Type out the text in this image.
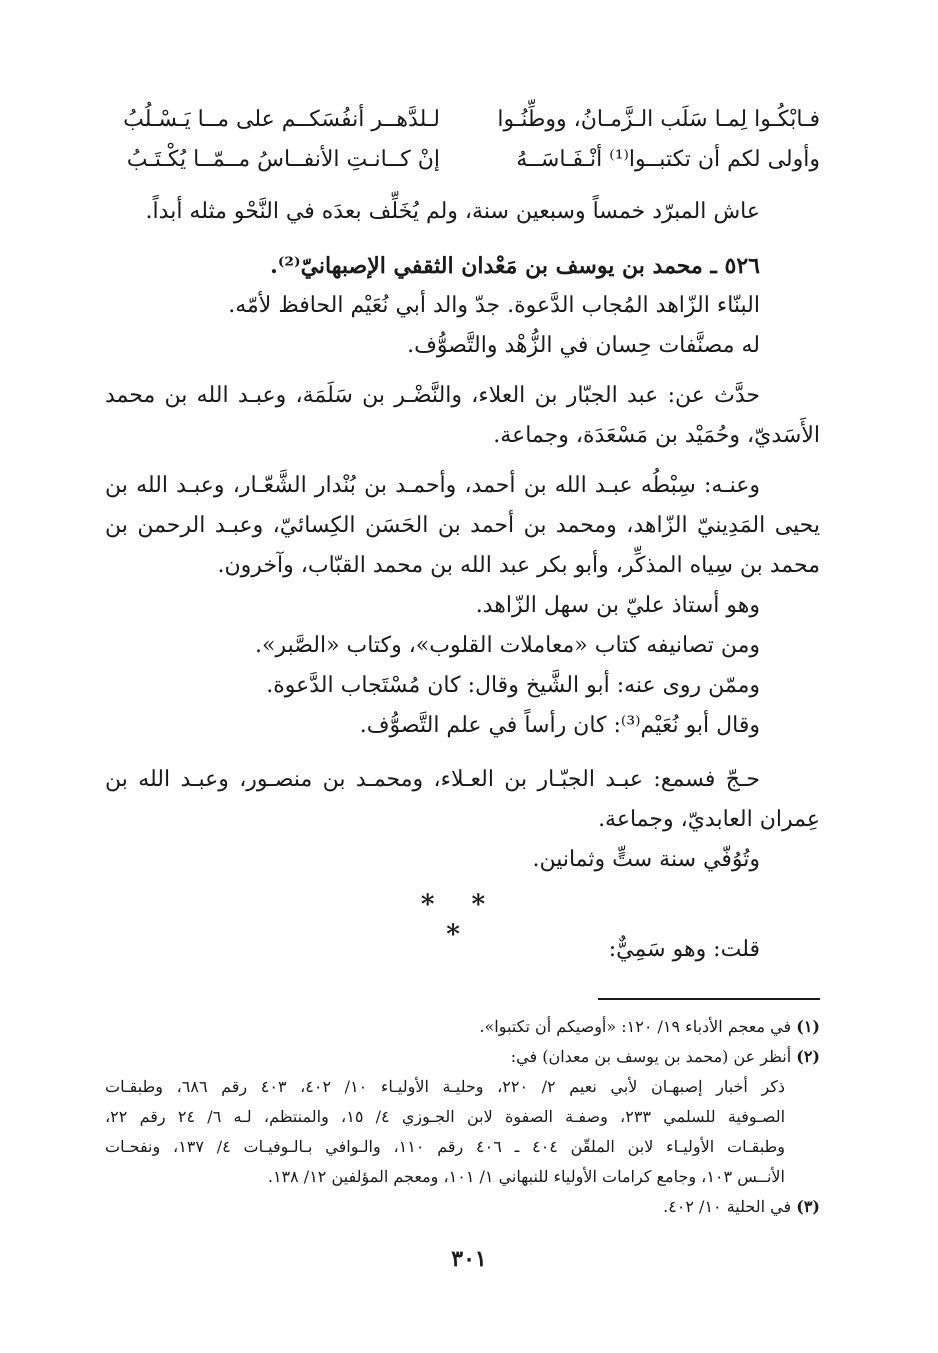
فـابْكُـوا لِمـا سَلَب الـزَّمـانُ، ووطِّنُـوا
لـلدَّهــر أنفُسَكــم على مــا يَـسْـلُبُ
وأولى لكم أن تكتبــوا⁽¹⁾ أنْـفَـاسَــهُ
إنْ كــانـتِ الأنفــاسُ مــمّــا يُكْـتَـبُ
عاش المبرّد خمساً وسبعين سنة، ولم يُخَلِّف بعدَه في النَّحْو مثله أبداً.
٥٢٦ ـ محمد بن يوسف بن مَعْدان الثقفي الإصبهانيّ⁽²⁾.
البنّاء الزّاهد المُجاب الدَّعوة. جدّ والد أبي نُعَيْم الحافظ لأمّه.
له مصنَّفات حِسان في الزُّهْد والتَّصوُّف.
حدَّث عن: عبد الجبّار بن العلاء، والنَّضْـر بن سَلَمَة، وعبـد الله بن محمد
الأَسَديّ، وحُمَيْد بن مَسْعَدَة، وجماعة.
وعنـه: سِبْطُه عبـد الله بن أحمد، وأحمـد بن بُنْدار الشَّعّـار، وعبـد الله بن
يحيى المَدِينيّ الزّاهد، ومحمد بن أحمد بن الحَسَن الكِسائيّ، وعبـد الرحمن بن
محمد بن سِياه المذكِّر، وأبو بكر عبد الله بن محمد القبّاب، وآخرون.
وهو أستاذ عليّ بن سهل الزّاهد.
ومن تصانيفه كتاب «معاملات القلوب»، وكتاب «الصَّبر».
وممّن روى عنه: أبو الشَّيخ وقال: كان مُسْتَجاب الدَّعوة.
وقال أبو نُعَيْم⁽³⁾: كان رأساً في علم التَّصوُّف.
حـجّ فسمع: عبـد الجبّـار بن العـلاء، ومحمـد بن منصـور، وعبـد الله بن
عِمران العابديّ، وجماعة.
وتُوُفّي سنة ستٍّ وثمانين.
* * *	قلت: وهو سَمِيٌّ:
(١) في معجم الأدباء ١٩/ ١٢٠: «أوصيكم أن تكتبوا».
(٢) أنظر عن (محمد بن يوسف بن معدان) في:
ذكر أخبار إصبهـان لأبي نعيم ٢/ ٢٢٠، وحليـة الأوليـاء ١٠/ ٤٠٢، ٤٠٣ رقم ٦٨٦، وطبقـات
الصـوفية للسلمي ٢٣٣، وصفـة الصفوة لابن الجـوزي ٤/ ١٥، والمنتظم، لـه ٦/ ٢٤ رقم ٢٢،
وطبقـات الأوليـاء لابن الملقّن ٤٠٤ ـ ٤٠٦ رقم ١١٠، والـوافي بـالـوفيـات ٤/ ١٣٧، ونفحـات
الأنــس ١٠٣، وجامع كرامات الأولياء للنبهاني ١/ ١٠١، ومعجم المؤلفين ١٢/ ١٣٨.
(٣) في الحلية ١٠/ ٤٠٢.
٣٠١
